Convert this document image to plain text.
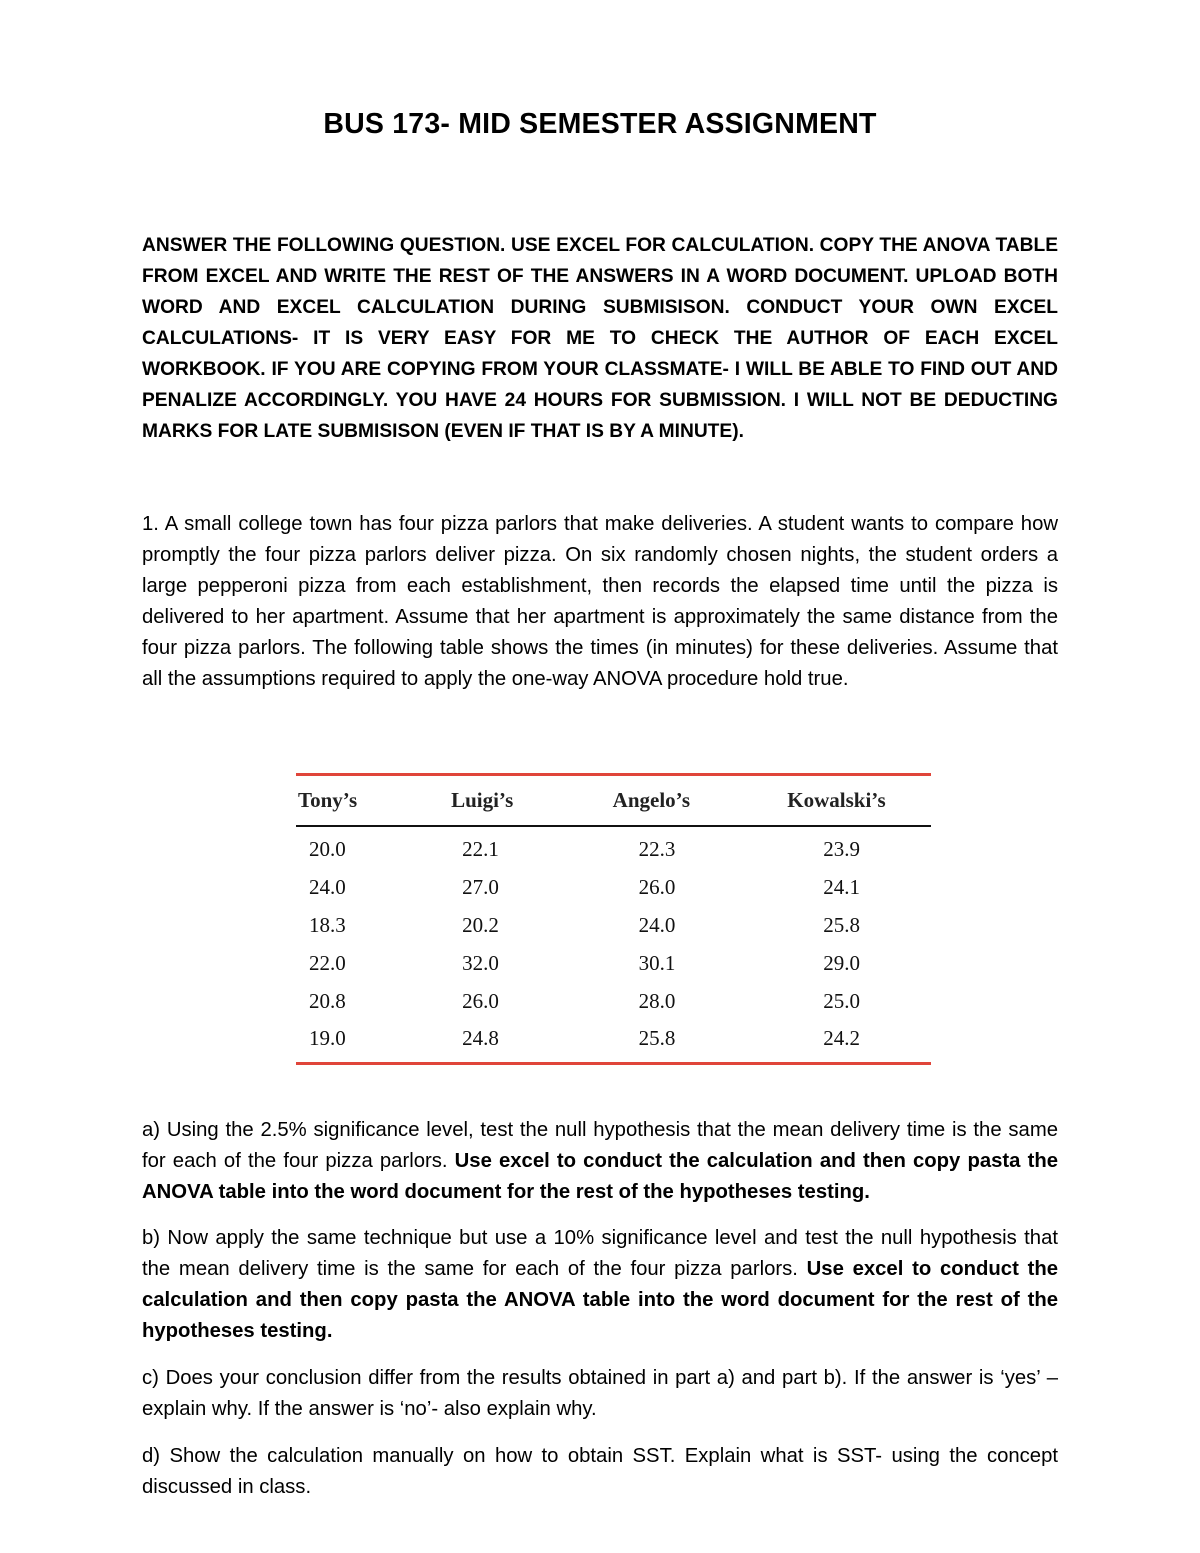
BUS 173- MID SEMESTER ASSIGNMENT
ANSWER THE FOLLOWING QUESTION. USE EXCEL FOR CALCULATION. COPY THE ANOVA TABLE FROM EXCEL AND WRITE THE REST OF THE ANSWERS IN A WORD DOCUMENT. UPLOAD BOTH WORD AND EXCEL CALCULATION DURING SUBMISISON. CONDUCT YOUR OWN EXCEL CALCULATIONS- IT IS VERY EASY FOR ME TO CHECK THE AUTHOR OF EACH EXCEL WORKBOOK. IF YOU ARE COPYING FROM YOUR CLASSMATE- I WILL BE ABLE TO FIND OUT AND PENALIZE ACCORDINGLY. YOU HAVE 24 HOURS FOR SUBMISSION. I WILL NOT BE DEDUCTING MARKS FOR LATE SUBMISISON (EVEN IF THAT IS BY A MINUTE).
1. A small college town has four pizza parlors that make deliveries. A student wants to compare how promptly the four pizza parlors deliver pizza. On six randomly chosen nights, the student orders a large pepperoni pizza from each establishment, then records the elapsed time until the pizza is delivered to her apartment. Assume that her apartment is approximately the same distance from the four pizza parlors. The following table shows the times (in minutes) for these deliveries. Assume that all the assumptions required to apply the one-way ANOVA procedure hold true.
Tony’s	Luigi’s	Angelo’s	Kowalski’s
20.0	22.1	22.3	23.9
24.0	27.0	26.0	24.1
18.3	20.2	24.0	25.8
22.0	32.0	30.1	29.0
20.8	26.0	28.0	25.0
19.0	24.8	25.8	24.2
a) Using the 2.5% significance level, test the null hypothesis that the mean delivery time is the same for each of the four pizza parlors. Use excel to conduct the calculation and then copy pasta the ANOVA table into the word document for the rest of the hypotheses testing.
b) Now apply the same technique but use a 10% significance level and test the null hypothesis that the mean delivery time is the same for each of the four pizza parlors. Use excel to conduct the calculation and then copy pasta the ANOVA table into the word document for the rest of the hypotheses testing.
c) Does your conclusion differ from the results obtained in part a) and part b). If the answer is ‘yes’ – explain why. If the answer is ‘no’- also explain why.
d) Show the calculation manually on how to obtain SST. Explain what is SST- using the concept discussed in class.
